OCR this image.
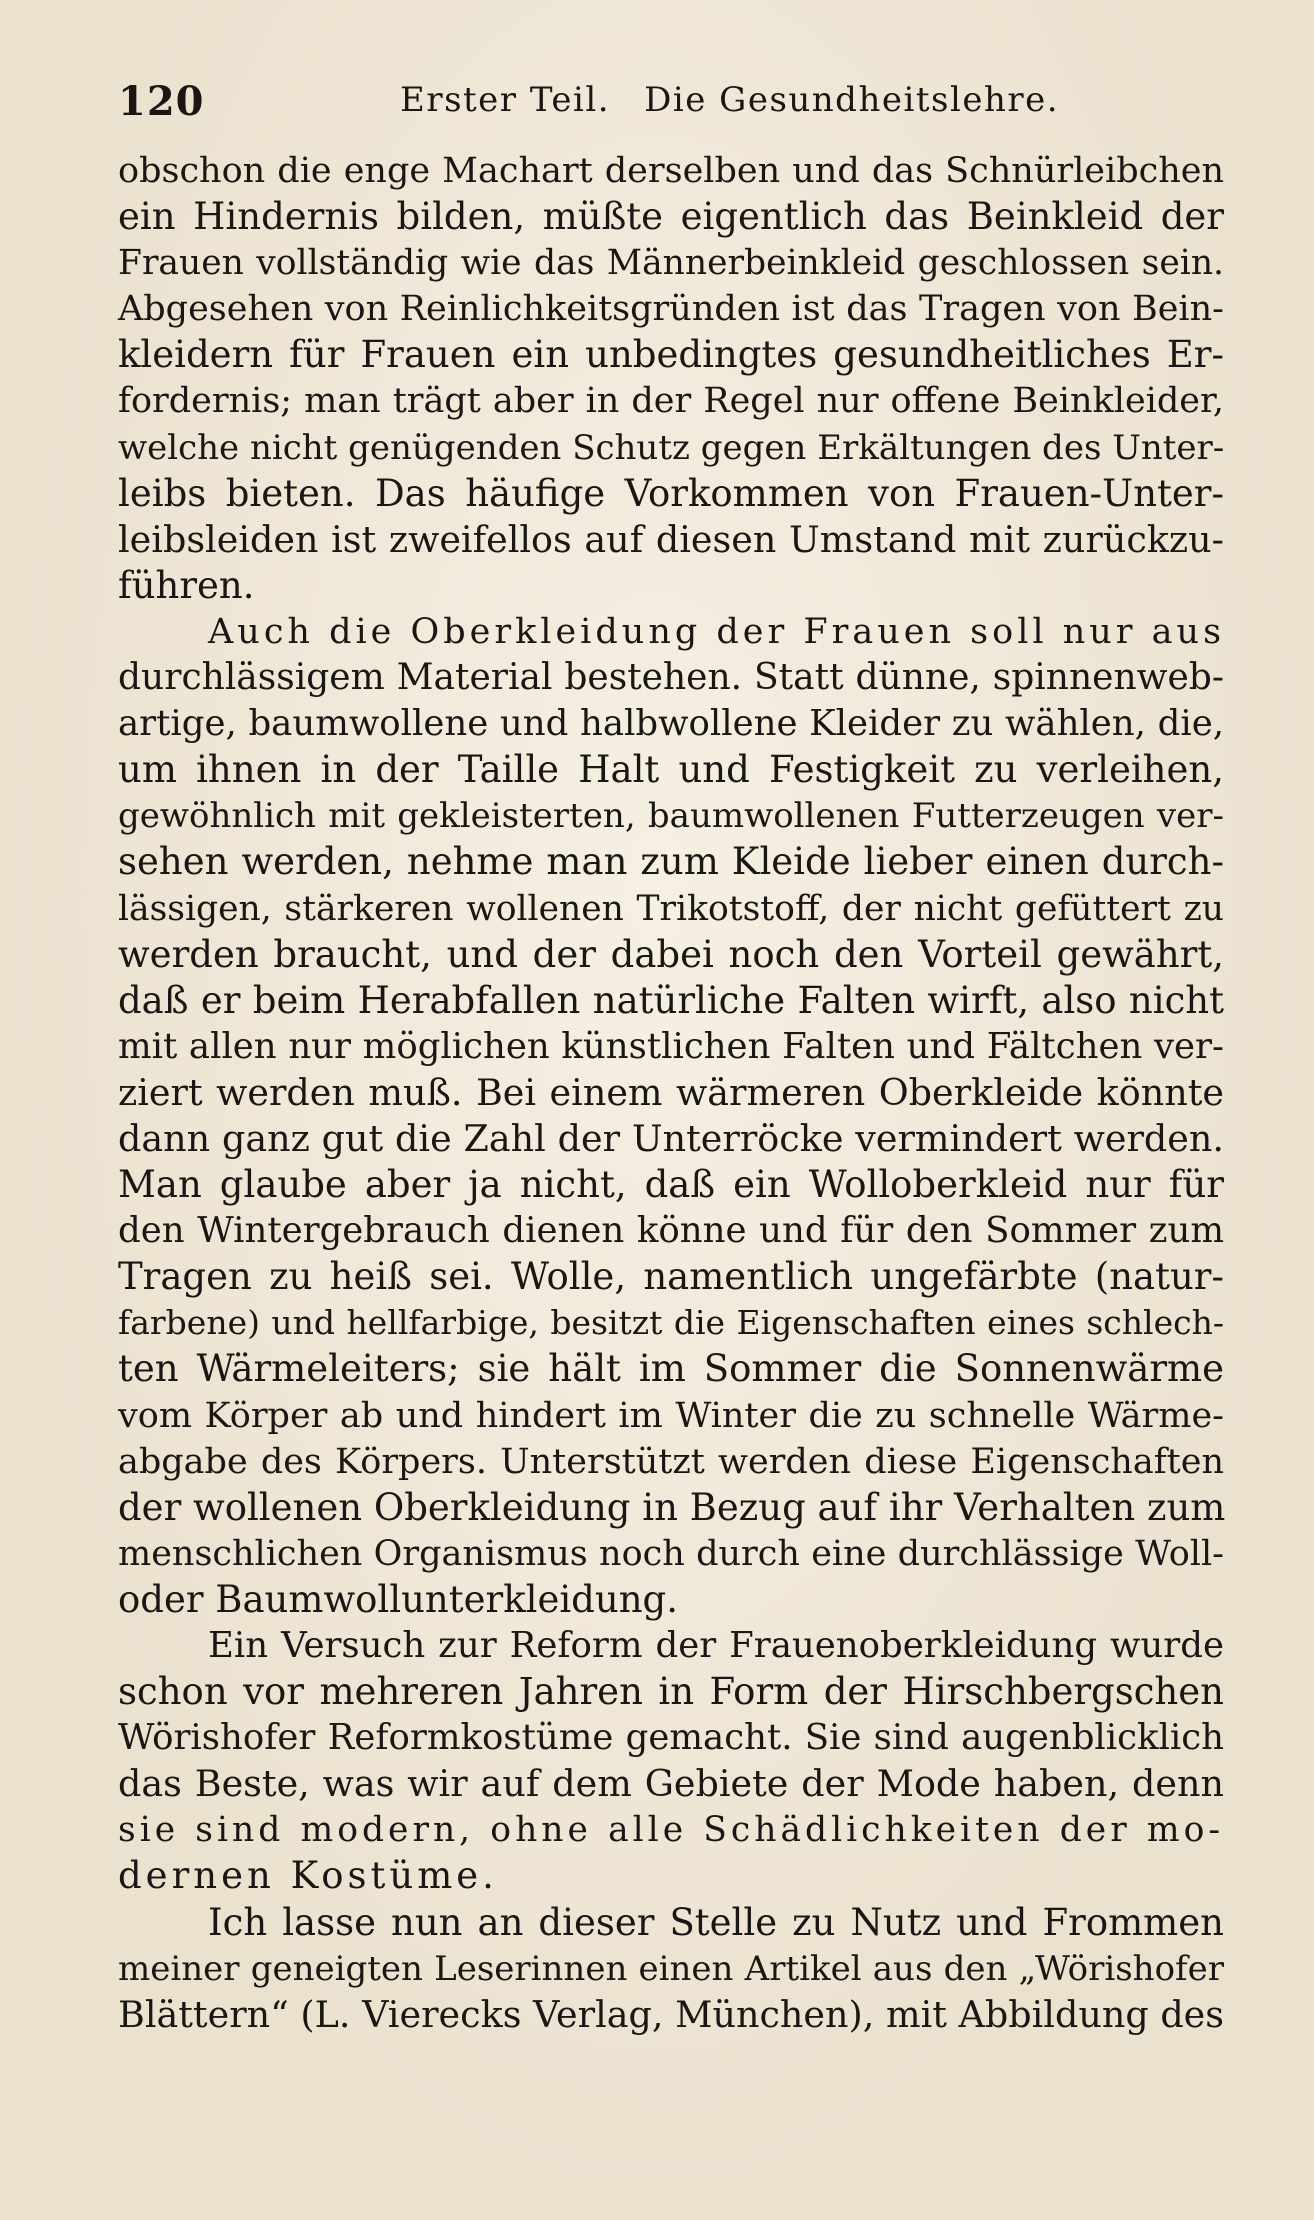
120	Erster Teil. Die Gesundheitslehre.
obschon die enge Machart derselben und das Schnürleibchen
ein Hindernis bilden, müßte eigentlich das Beinkleid der
Frauen vollständig wie das Männerbeinkleid geschlossen sein.
Abgesehen von Reinlichkeitsgründen ist das Tragen von Bein-
kleidern für Frauen ein unbedingtes gesundheitliches Er-
fordernis; man trägt aber in der Regel nur offene Beinkleider,
welche nicht genügenden Schutz gegen Erkältungen des Unter-
leibs bieten. Das häufige Vorkommen von Frauen-Unter-
leibsleiden ist zweifellos auf diesen Umstand mit zurückzu-
führen.
Auch die Oberkleidung der Frauen soll nur aus
durchlässigem Material bestehen. Statt dünne, spinnenweb-
artige, baumwollene und halbwollene Kleider zu wählen, die,
um ihnen in der Taille Halt und Festigkeit zu verleihen,
gewöhnlich mit gekleisterten, baumwollenen Futterzeugen ver-
sehen werden, nehme man zum Kleide lieber einen durch-
lässigen, stärkeren wollenen Trikotstoff, der nicht gefüttert zu
werden braucht, und der dabei noch den Vorteil gewährt,
daß er beim Herabfallen natürliche Falten wirft, also nicht
mit allen nur möglichen künstlichen Falten und Fältchen ver-
ziert werden muß. Bei einem wärmeren Oberkleide könnte
dann ganz gut die Zahl der Unterröcke vermindert werden.
Man glaube aber ja nicht, daß ein Wolloberkleid nur für
den Wintergebrauch dienen könne und für den Sommer zum
Tragen zu heiß sei. Wolle, namentlich ungefärbte (natur-
farbene) und hellfarbige, besitzt die Eigenschaften eines schlech-
ten Wärmeleiters; sie hält im Sommer die Sonnenwärme
vom Körper ab und hindert im Winter die zu schnelle Wärme-
abgabe des Körpers. Unterstützt werden diese Eigenschaften
der wollenen Oberkleidung in Bezug auf ihr Verhalten zum
menschlichen Organismus noch durch eine durchlässige Woll-
oder Baumwollunterkleidung.
Ein Versuch zur Reform der Frauenoberkleidung wurde
schon vor mehreren Jahren in Form der Hirschbergschen
Wörishofer Reformkostüme gemacht. Sie sind augenblicklich
das Beste, was wir auf dem Gebiete der Mode haben, denn
sie sind modern, ohne alle Schädlichkeiten der mo-
dernen Kostüme.
Ich lasse nun an dieser Stelle zu Nutz und Frommen
meiner geneigten Leserinnen einen Artikel aus den „Wörishofer
Blättern“ (L. Vierecks Verlag, München), mit Abbildung des
